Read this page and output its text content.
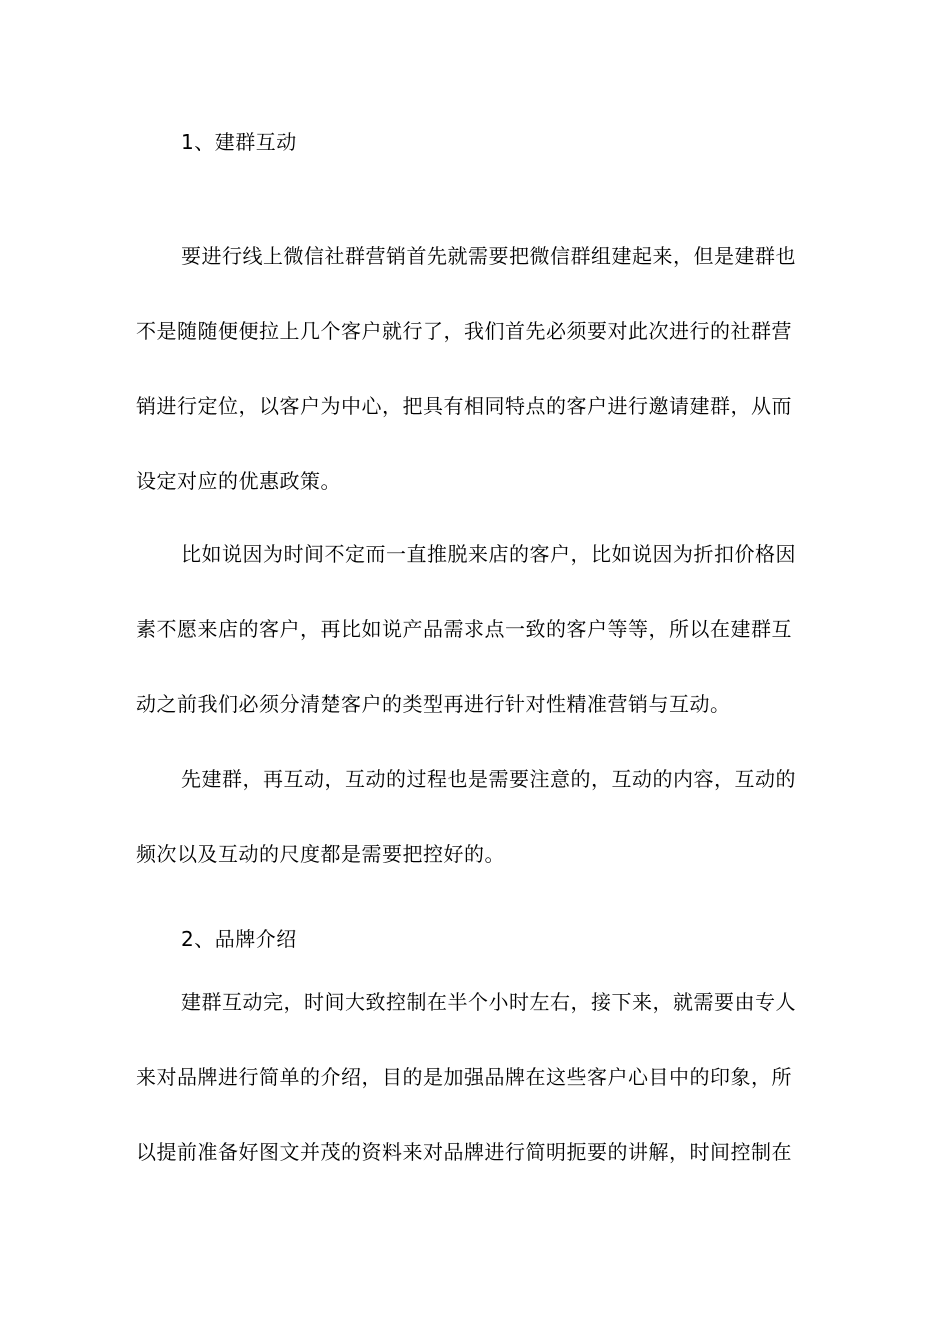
1、建群互动
要进行线上微信社群营销首先就需要把微信群组建起来，但是建群也
不是随随便便拉上几个客户就行了，我们首先必须要对此次进行的社群营
销进行定位，以客户为中心，把具有相同特点的客户进行邀请建群，从而
设定对应的优惠政策。
比如说因为时间不定而一直推脱来店的客户，比如说因为折扣价格因
素不愿来店的客户，再比如说产品需求点一致的客户等等，所以在建群互
动之前我们必须分清楚客户的类型再进行针对性精准营销与互动。
先建群，再互动，互动的过程也是需要注意的，互动的内容，互动的
频次以及互动的尺度都是需要把控好的。
2、品牌介绍
建群互动完，时间大致控制在半个小时左右，接下来，就需要由专人
来对品牌进行简单的介绍，目的是加强品牌在这些客户心目中的印象，所
以提前准备好图文并茂的资料来对品牌进行简明扼要的讲解，时间控制在
